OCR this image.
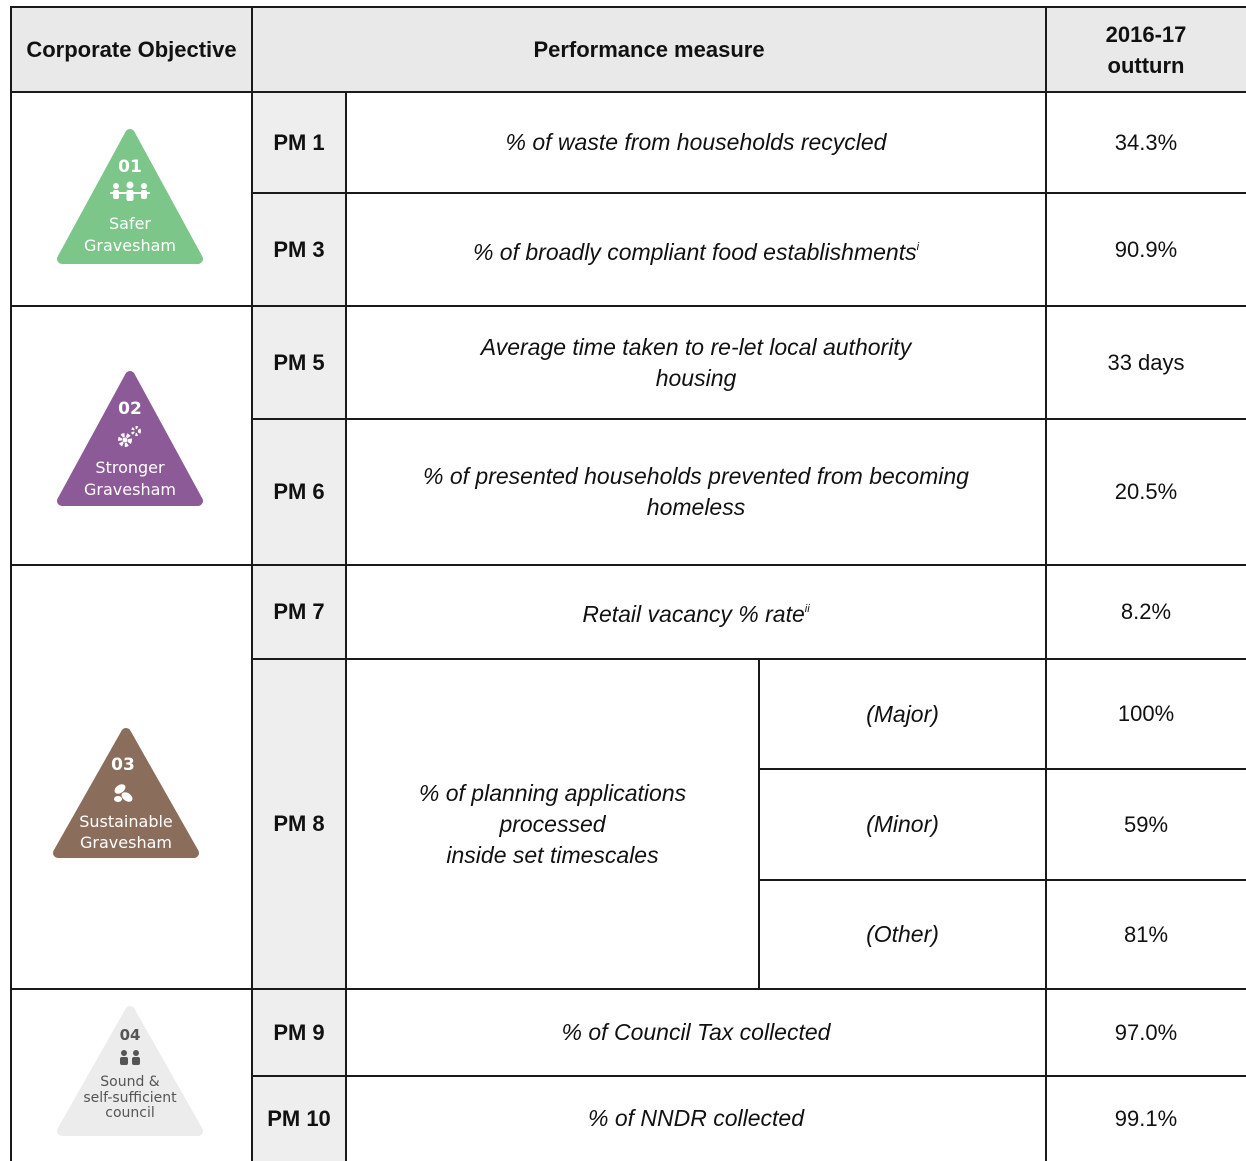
Corporate Objective	Performance measure
2016-17
outturn
PM 1
PM 3
PM 5
PM 6
PM 7
PM 8
PM 9
PM 10
% of waste from households recycled
% of broadly compliant food establishments$^i$
Average time taken to re-let local authority
housing
% of presented households prevented from becoming
homeless
Retail vacancy % rate$^{ii}$
% of planning applications
processed
inside set timescales
(Major)
(Minor)
(Other)
% of Council Tax collected
% of NNDR collected
34.3%
90.9%
33 days
20.5%
8.2%
100%
59%
81%
97.0%
99.1%
01
Safer
Gravesham
02
Stronger
Gravesham
03
Sustainable
Gravesham
04
Sound &
self-sufficient
council
